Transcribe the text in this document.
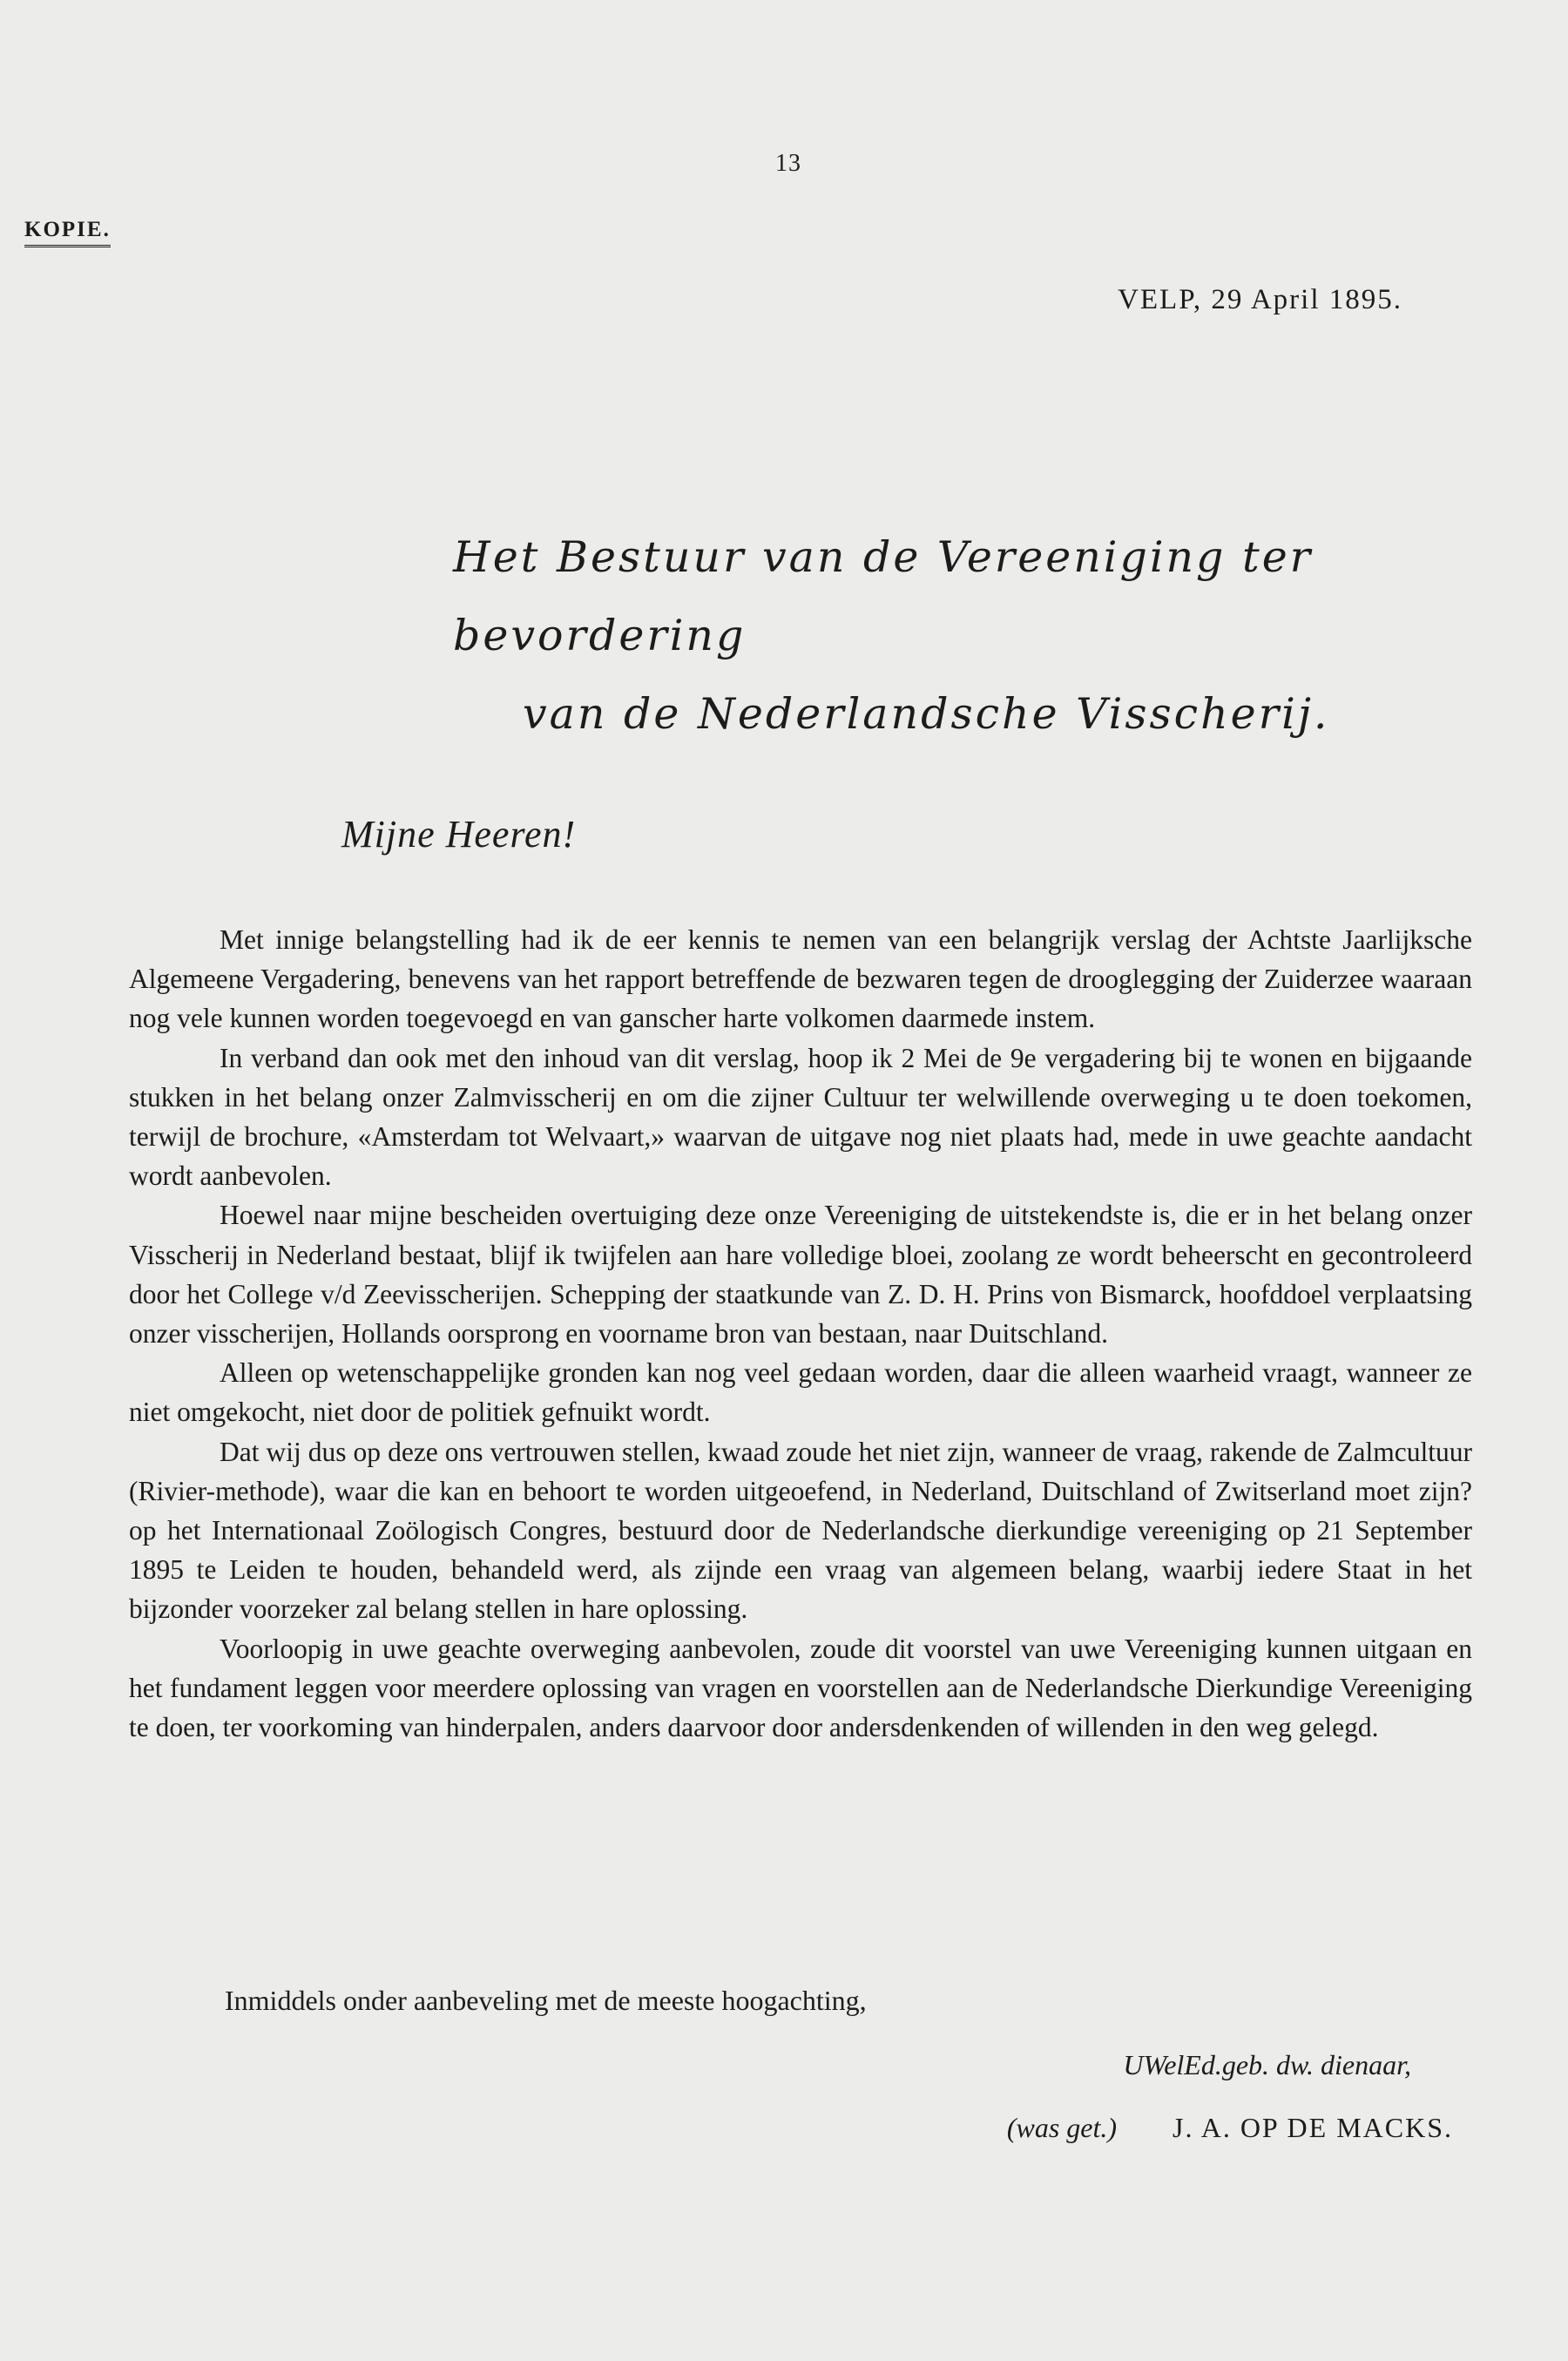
13
KOPIE.
VELP, 29 April 1895.
Het Bestuur van de Vereeniging ter bevordering
van de Nederlandsche Visscherij.
Mijne Heeren!

Met innige belangstelling had ik de eer kennis te nemen van een belangrijk verslag der Achtste Jaarlijksche Algemeene Vergadering, benevens van het rapport betreffende de bezwaren tegen de drooglegging der Zuiderzee waaraan nog vele kunnen worden toegevoegd en van ganscher harte volkomen daarmede instem.

In verband dan ook met den inhoud van dit verslag, hoop ik 2 Mei de 9e vergadering bij te wonen en bijgaande stukken in het belang onzer Zalmvisscherij en om die zijner Cultuur ter welwillende overweging u te doen toekomen, terwijl de brochure, «Amsterdam tot Welvaart,» waarvan de uitgave nog niet plaats had, mede in uwe geachte aandacht wordt aanbevolen.

Hoewel naar mijne bescheiden overtuiging deze onze Vereeniging de uitstekendste is, die er in het belang onzer Visscherij in Nederland bestaat, blijf ik twijfelen aan hare volledige bloei, zoolang ze wordt beheerscht en gecontroleerd door het College v/d Zeevisscherijen. Schepping der staatkunde van Z. D. H. Prins von Bismarck, hoofddoel verplaatsing onzer visscherijen, Hollands oorsprong en voorname bron van bestaan, naar Duitschland.

Alleen op wetenschappelijke gronden kan nog veel gedaan worden, daar die alleen waarheid vraagt, wanneer ze niet omgekocht, niet door de politiek gefnuikt wordt.

Dat wij dus op deze ons vertrouwen stellen, kwaad zoude het niet zijn, wanneer de vraag, rakende de Zalmcultuur (Rivier-methode), waar die kan en behoort te worden uitgeoefend, in Nederland, Duitschland of Zwitserland moet zijn? op het Internationaal Zoölogisch Congres, bestuurd door de Nederlandsche dierkundige vereeniging op 21 September 1895 te Leiden te houden, behandeld werd, als zijnde een vraag van algemeen belang, waarbij iedere Staat in het bijzonder voorzeker zal belang stellen in hare oplossing.

Voorloopig in uwe geachte overweging aanbevolen, zoude dit voorstel van uwe Vereeniging kunnen uitgaan en het fundament leggen voor meerdere oplossing van vragen en voorstellen aan de Nederlandsche Dierkundige Vereeniging te doen, ter voorkoming van hinderpalen, anders daarvoor door andersdenkenden of willenden in den weg gelegd.

Inmiddels onder aanbeveling met de meeste hoogachting,
UWelEd.geb. dw. dienaar,
(was get.) J. A. OP DE MACKS.
